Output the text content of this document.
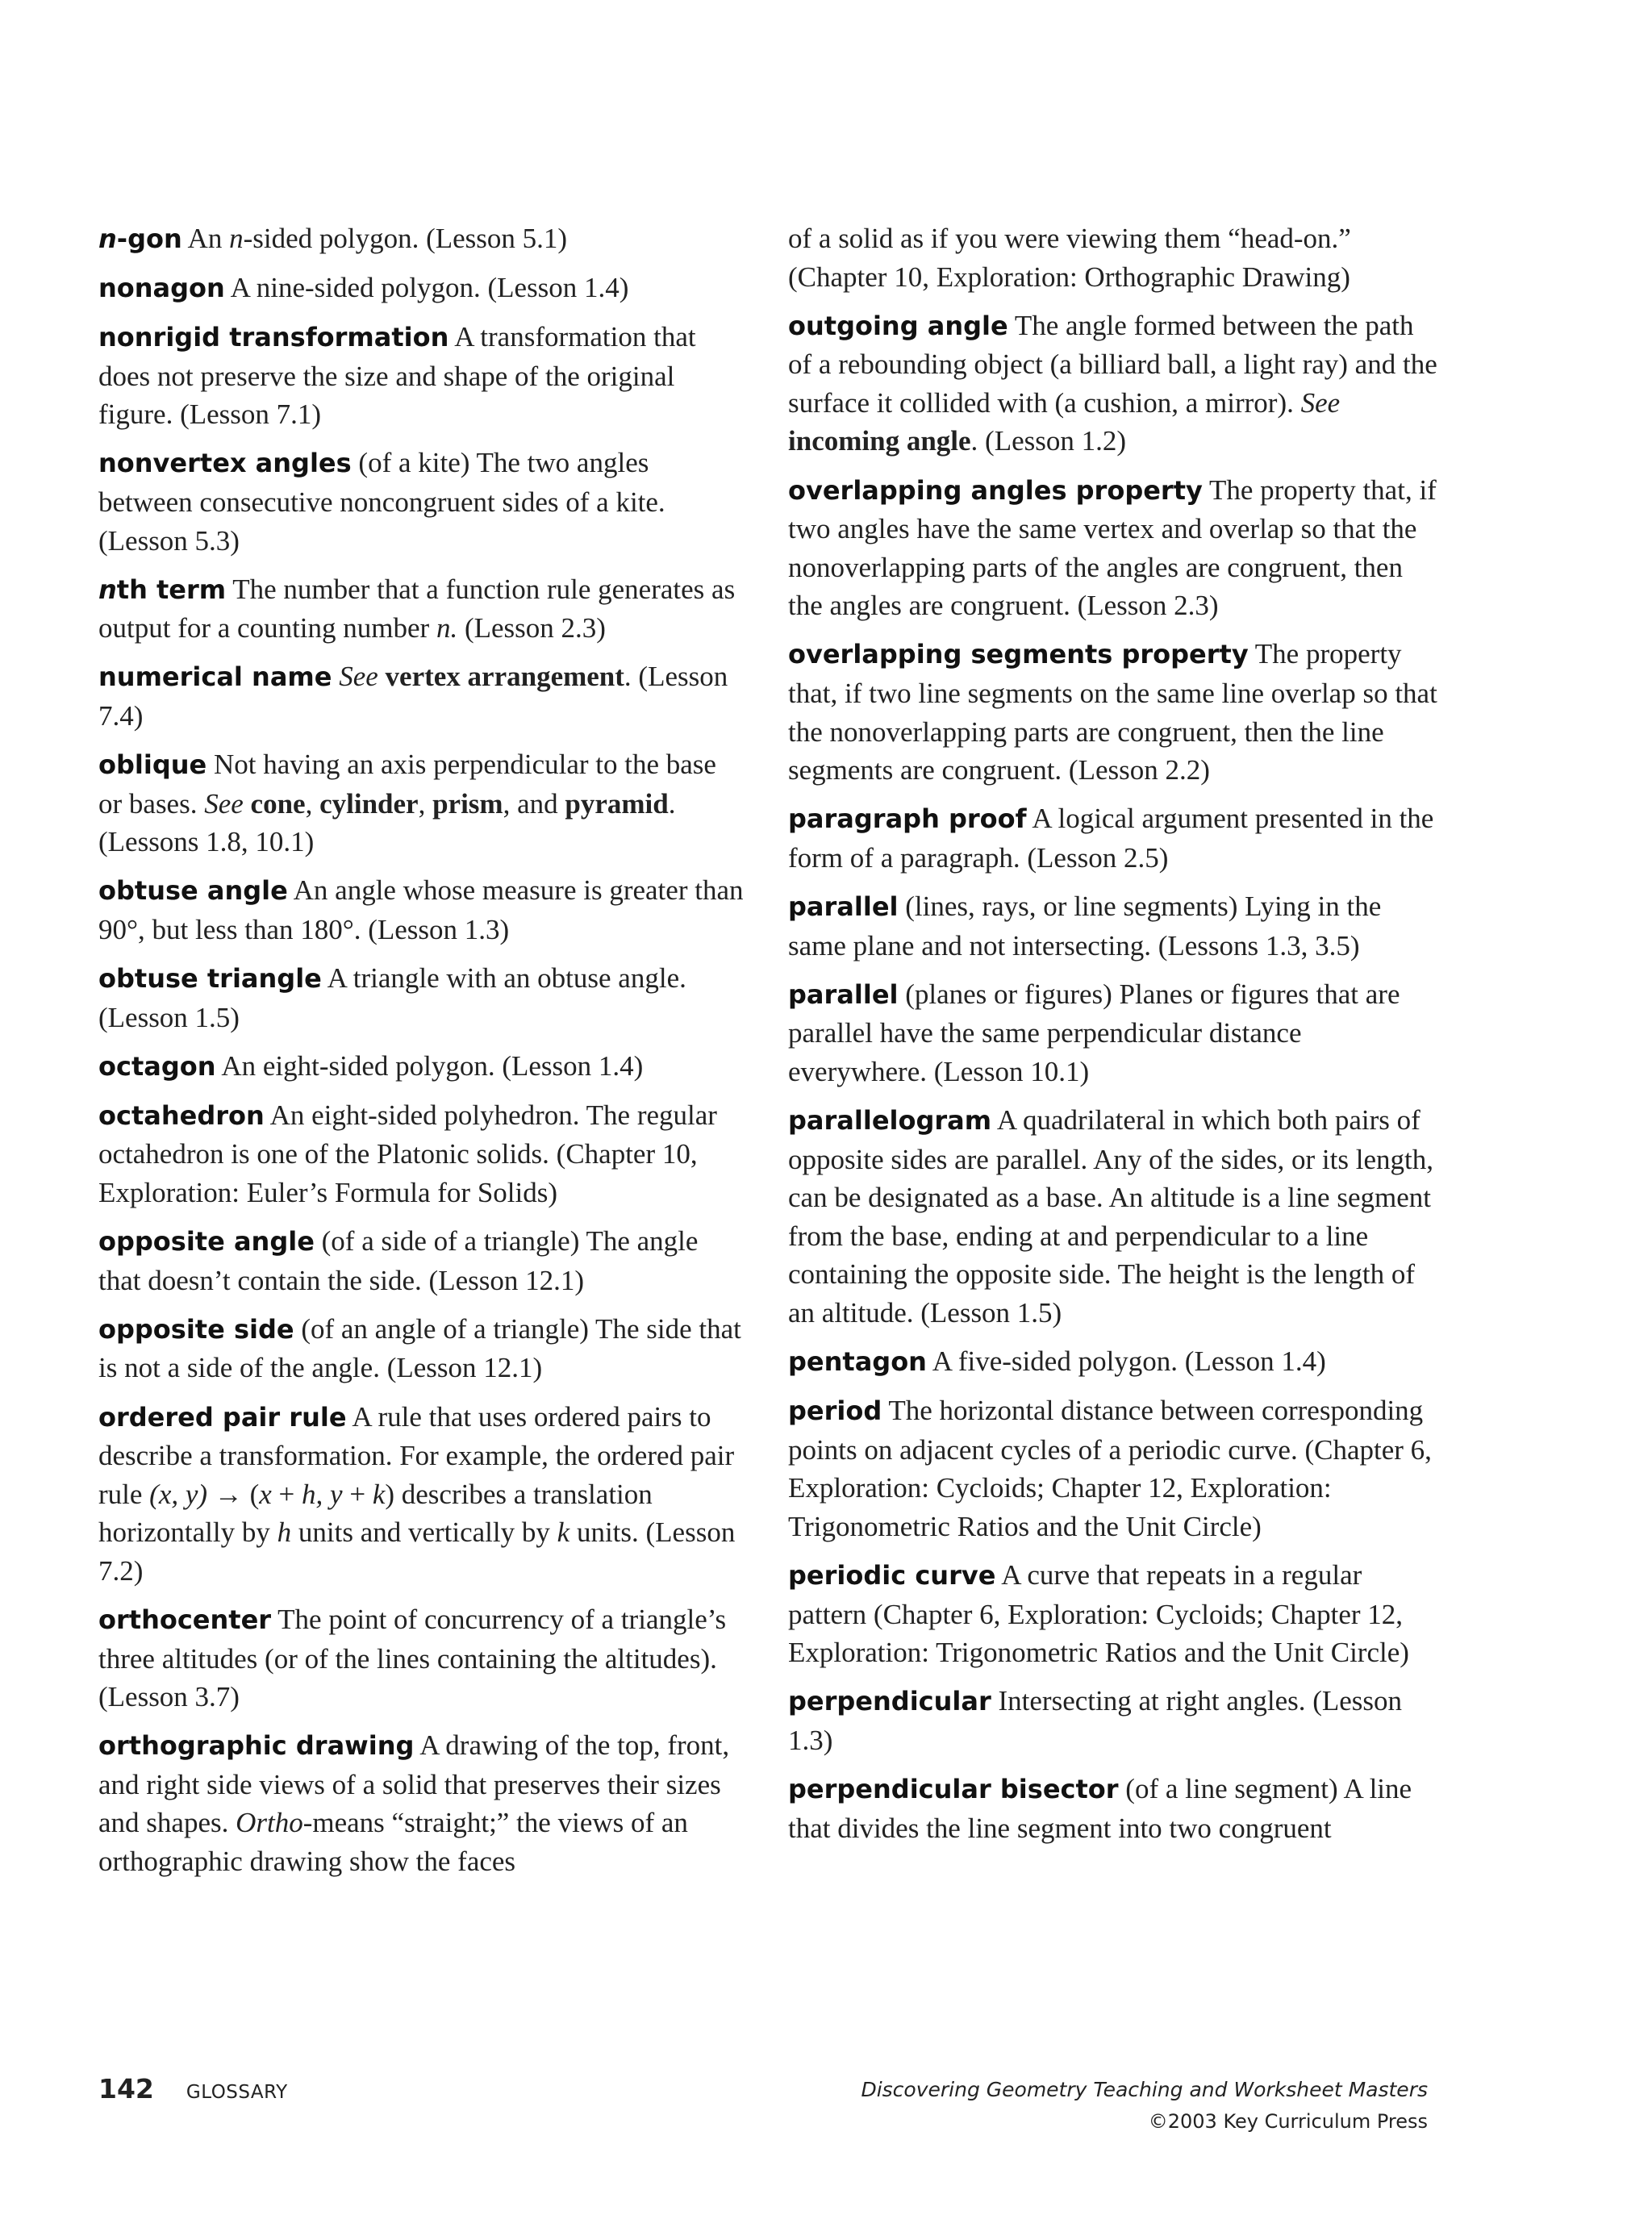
n-gon An n-sided polygon. (Lesson 5.1)

nonagon A nine-sided polygon. (Lesson 1.4)

nonrigid transformation A transformation that does not preserve the size and shape of the original figure. (Lesson 7.1)

nonvertex angles (of a kite) The two angles between consecutive noncongruent sides of a kite. (Lesson 5.3)

nth term The number that a function rule generates as output for a counting number n. (Lesson 2.3)

numerical name See vertex arrangement. (Lesson 7.4)

oblique Not having an axis perpendicular to the base or bases. See cone, cylinder, prism, and pyramid. (Lessons 1.8, 10.1)

obtuse angle An angle whose measure is greater than 90°, but less than 180°. (Lesson 1.3)

obtuse triangle A triangle with an obtuse angle. (Lesson 1.5)

octagon An eight-sided polygon. (Lesson 1.4)

octahedron An eight-sided polyhedron. The regular octahedron is one of the Platonic solids. (Chapter 10, Exploration: Euler’s Formula for Solids)

opposite angle (of a side of a triangle) The angle that doesn’t contain the side. (Lesson 12.1)

opposite side (of an angle of a triangle) The side that is not a side of the angle. (Lesson 12.1)

ordered pair rule A rule that uses ordered pairs to describe a transformation. For example, the ordered pair rule (x, y) → (x + h, y + k) describes a translation horizontally by h units and vertically by k units. (Lesson 7.2)

orthocenter The point of concurrency of a triangle’s three altitudes (or of the lines containing the altitudes). (Lesson 3.7)

orthographic drawing A drawing of the top, front, and right side views of a solid that preserves their sizes and shapes. Ortho-means “straight;” the views of an orthographic drawing show the faces

of a solid as if you were viewing them “head-on.” (Chapter 10, Exploration: Orthographic Drawing)

outgoing angle The angle formed between the path of a rebounding object (a billiard ball, a light ray) and the surface it collided with (a cushion, a mirror). See incoming angle. (Lesson 1.2)

overlapping angles property The property that, if two angles have the same vertex and overlap so that the nonoverlapping parts of the angles are congruent, then the angles are congruent. (Lesson 2.3)

overlapping segments property The property that, if two line segments on the same line overlap so that the nonoverlapping parts are congruent, then the line segments are congruent. (Lesson 2.2)

paragraph proof A logical argument presented in the form of a paragraph. (Lesson 2.5)

parallel (lines, rays, or line segments) Lying in the same plane and not intersecting. (Lessons 1.3, 3.5)

parallel (planes or figures) Planes or figures that are parallel have the same perpendicular distance everywhere. (Lesson 10.1)

parallelogram A quadrilateral in which both pairs of opposite sides are parallel. Any of the sides, or its length, can be designated as a base. An altitude is a line segment from the base, ending at and perpendicular to a line containing the opposite side. The height is the length of an altitude. (Lesson 1.5)

pentagon A five-sided polygon. (Lesson 1.4)

period The horizontal distance between corresponding points on adjacent cycles of a periodic curve. (Chapter 6, Exploration: Cycloids; Chapter 12, Exploration: Trigonometric Ratios and the Unit Circle)

periodic curve A curve that repeats in a regular pattern (Chapter 6, Exploration: Cycloids; Chapter 12, Exploration: Trigonometric Ratios and the Unit Circle)

perpendicular Intersecting at right angles. (Lesson 1.3)

perpendicular bisector (of a line segment) A line that divides the line segment into two congruent

142 GLOSSARY	Discovering Geometry Teaching and Worksheet Masters
©2003 Key Curriculum Press
